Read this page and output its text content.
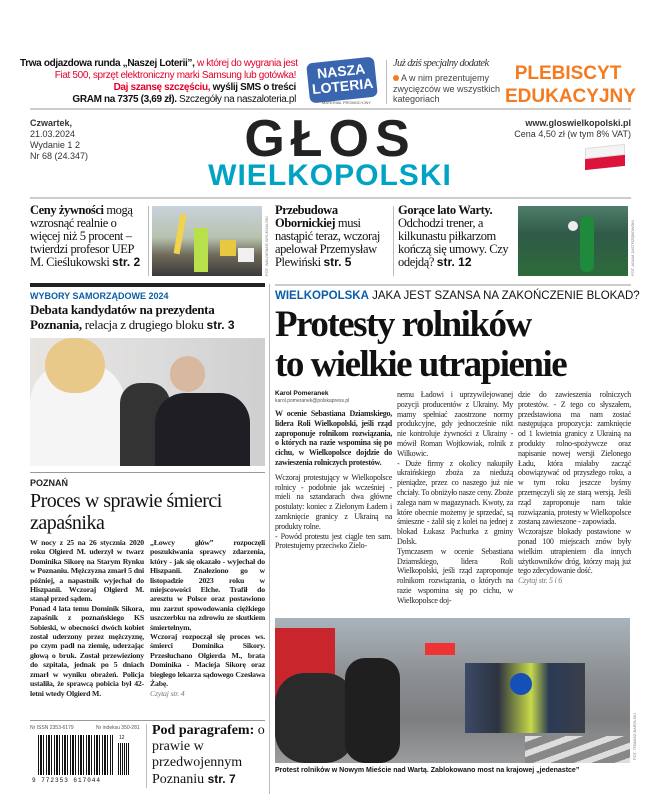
Trwa odjazdowa runda „Naszej Loterii”, w której do wygrania jest
Fiat 500, sprzęt elektroniczny marki Samsung lub gotówka!
Daj szansę szczęściu, wyślij SMS o treści
GRAM na 7375 (3,69 zł). Szczegóły na naszaloteria.pl
NASZA LOTERIA
MATERIAŁ PROMOCYJNY
Już dziś specjalny dodatek
A w nim prezentujemy zwycięzców we wszystkich kategoriach
PLEBISCYT
EDUKACYJNY
Czwartek,
21.03.2024
Wydanie 1 2
Nr 68 (24.347)	GŁOS
WIELKOPOLSKI
www.gloswielkopolski.pl
Cena 4,50 zł (w tym 8% VAT)
Ceny żywności mogą wzrosnąć realnie o więcej niż 5 procent – twierdzi profesor UEP M. Cieślukowski str. 2	FOT. WALDEMAR WYLEGALSKI
Przebudowa Obornickiej musi nastąpić teraz, wczoraj apelował Przemysław Plewiński str. 5
Gorące lato Warty. Odchodzi trener, a kilkunastu piłkarzom kończą się umowy. Czy odejdą? str. 12	FOT. ADAM JASTRZĘBOWSKI
WYBORY SAMORZĄDOWE 2024
Debata kandydatów na prezydenta Poznania, relacja z drugiego bloku str. 3
POZNAŃ
Proces w sprawie śmierci zapaśnika
W nocy z 25 na 26 stycznia 2020 roku Olgierd M. uderzył w twarz Dominika Sikorę na Starym Rynku w Poznaniu. Mężczyzna zmarł 5 dni później, a napastnik wyjechał do Hiszpanii. Wczoraj Olgierd M. stanął przed sądem.
Ponad 4 lata temu Dominik Sikora, zapaśnik z poznańskiego KS Sobieski, w obecności dwóch kobiet został uderzony przez mężczyznę, po czym padł na ziemię, uderzając głową o bruk. Został przewieziony do szpitala, jednak po 5 dniach zmarł w wyniku obrażeń. Policja ustaliła, że sprawcą pobicia był 42-letni wtedy Olgierd M.
„Łowcy głów” rozpoczęli poszukiwania sprawcy zdarzenia, który - jak się okazało - wyjechał do Hiszpanii. Znaleziono go w listopadzie 2023 roku w miejscowości Elche. Trafił do aresztu w Polsce oraz postawiono mu zarzut spowodowania ciężkiego uszczerbku na zdrowiu ze skutkiem śmiertelnym.
Wczoraj rozpoczął się proces ws. śmierci Dominika Sikory. Przesłuchano Olgierda M., brata Dominika - Macieja Sikorę oraz biegłego lekarza sądowego Czesława Żabę.
Czytaj str. 4
Nr ISSN 2353-6179	Nr indeksu 350-281
12
9 772353 617044
Pod paragrafem: o prawie w przedwojennym Poznaniu str. 7
WIELKOPOLSKA JAKA JEST SZANSA NA ZAKOŃCZENIE BLOKAD?
Protesty rolników
to wielkie utrapienie
Karol Pomeranek
karol.pomeranek@polskapress.pl
W ocenie Sebastiana Dziamskiego, lidera Roli Wielkopolski, jeśli rząd zaproponuje rolnikom rozwiązania, o których na razie wspomina się po cichu, w Wielkopolsce dojdzie do zawieszenia rolniczych protestów.
Wczoraj protestujący w Wielkopolsce rolnicy - podobnie jak wcześniej - mieli na sztandarach dwa główne postulaty: koniec z Zielonym Ładem i zamknięcie granicy z Ukrainą na produkty rolne.
- Powód protestu jest ciągle ten sam. Protestujemy przeciwko Zielo-
nemu Ładowi i uprzywilejowanej pozycji producentów z Ukrainy. My mamy spełniać zaostrzone normy produkcyjne, gdy jednocześnie nikt nie kontroluje żywności z Ukrainy - mówił Roman Wojtkowiak, rolnik z Wilkowic.
- Duże firmy z okolicy nakupiły ukraińskiego zboża za niedużą pieniądze, przez co naszego już nie chciały. To obniżyło nasze ceny. Zboże zalega nam w magazynach. Kwoty, za które obecnie możemy je sprzedać, są śmieszne - żalił się z kolei na jednej z blokad Łukasz Pachurka z gminy Dolsk.
Tymczasem w ocenie Sebastiana Dziamskiego, lidera Roli Wielkopolski, jeśli rząd zaproponuje rolnikom rozwiązania, o których na razie wspomina się po cichu, w Wielkopolsce doj-
dzie do zawieszenia rolniczych protestów. - Z tego co słyszałem, przedstawiona ma nam zostać następująca propozycja: zamknięcie od 1 kwietnia granicy z Ukrainą na produkty rolno-spożywcze oraz napisanie nowej wersji Zielonego Ładu, która miałaby zacząć obowiązywać od przyszłego roku, a w tym roku jeszcze byśmy przemęczyli się ze starą wersją. Jeśli rząd zaproponuje nam takie rozwiązania, protesty w Wielkopolsce zostaną zawieszone - zapowiada.
Wczorajsze blokady postawione w ponad 100 miejscach znów były wielkim utrapieniem dla innych użytkowników dróg, którzy mają już tego zdecydowanie dość.
Czytaj str. 5 i 6
FOT. TOMASZ BARYŁSKI
Protest rolników w Nowym Mieście nad Wartą. Zablokowano most na krajowej „jedenastce”
